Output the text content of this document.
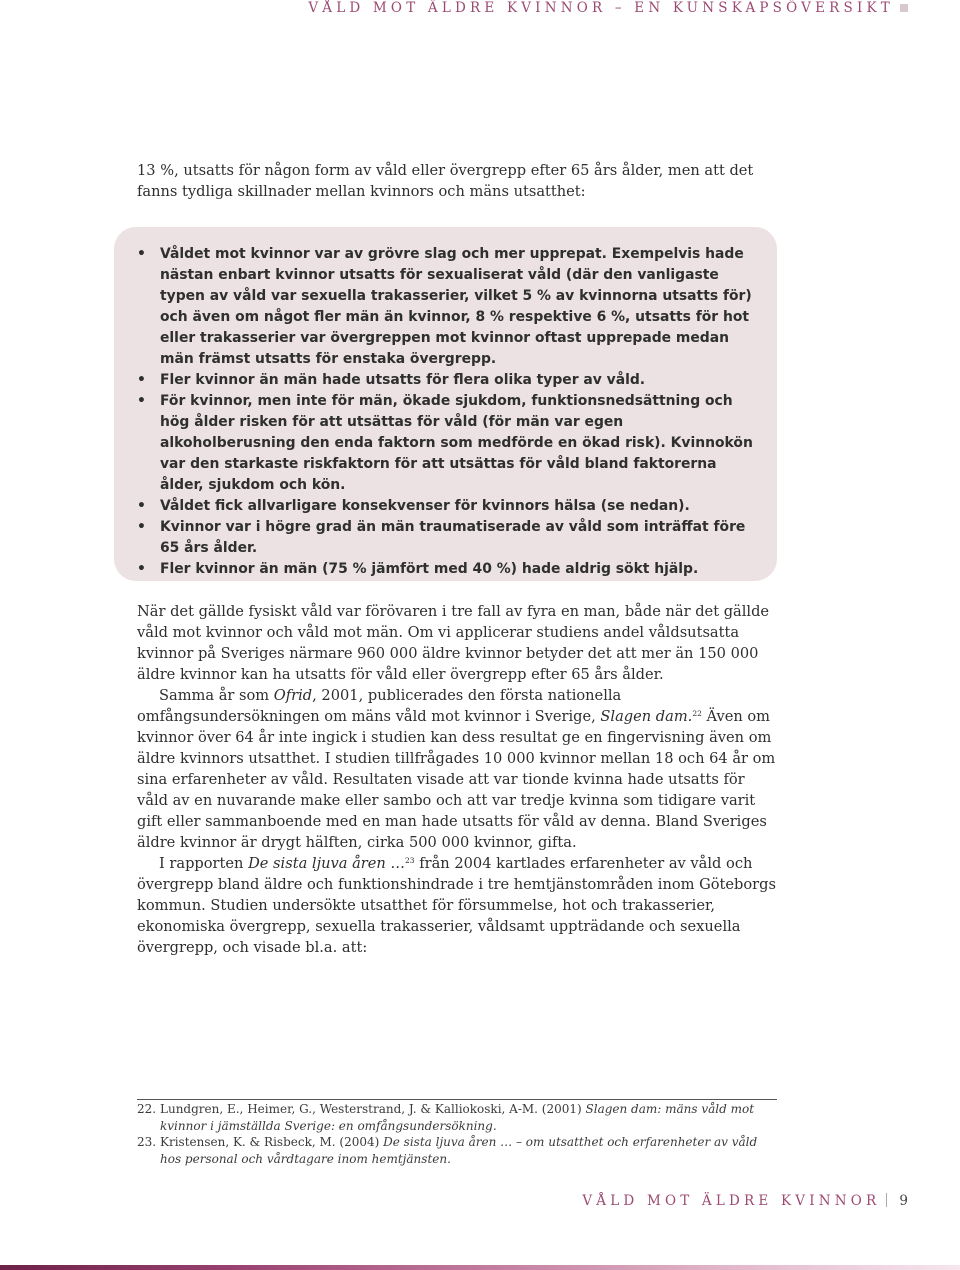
VÅLD MOT ÄLDRE KVINNOR – EN KUNSKAPSÖVERSIKT

13 %, utsatts för någon form av våld eller övergrepp efter 65 års ålder, men att det fanns tydliga skillnader mellan kvinnors och mäns utsatthet:

• Våldet mot kvinnor var av grövre slag och mer upprepat. Exempelvis hade nästan enbart kvinnor utsatts för sexualiserat våld (där den vanligaste typen av våld var sexuella trakasserier, vilket 5 % av kvinnorna utsatts för) och även om något fler män än kvinnor, 8 % respektive 6 %, utsatts för hot eller trakasserier var övergreppen mot kvinnor oftast upprepade medan män främst utsatts för enstaka övergrepp.
• Fler kvinnor än män hade utsatts för flera olika typer av våld.
• För kvinnor, men inte för män, ökade sjukdom, funktionsnedsättning och hög ålder risken för att utsättas för våld (för män var egen alkoholberusning den enda faktorn som medförde en ökad risk). Kvinnokön var den starkaste riskfaktorn för att utsättas för våld bland faktorerna ålder, sjukdom och kön.
• Våldet fick allvarligare konsekvenser för kvinnors hälsa (se nedan).
• Kvinnor var i högre grad än män traumatiserade av våld som inträffat före 65 års ålder.
• Fler kvinnor än män (75 % jämfört med 40 %) hade aldrig sökt hjälp.

När det gällde fysiskt våld var förövaren i tre fall av fyra en man, både när det gällde våld mot kvinnor och våld mot män. Om vi applicerar studiens andel våldsutsatta kvinnor på Sveriges närmare 960 000 äldre kvinnor betyder det att mer än 150 000 äldre kvinnor kan ha utsatts för våld eller övergrepp efter 65 års ålder.

Samma år som Ofrid, 2001, publicerades den första nationella omfångsundersökningen om mäns våld mot kvinnor i Sverige, Slagen dam.$^{22}$ Även om kvinnor över 64 år inte ingick i studien kan dess resultat ge en fingervisning även om äldre kvinnors utsatthet. I studien tillfrågades 10 000 kvinnor mellan 18 och 64 år om sina erfarenheter av våld. Resultaten visade att var tionde kvinna hade utsatts för våld av en nuvarande make eller sambo och att var tredje kvinna som tidigare varit gift eller sammanboende med en man hade utsatts för våld av denna. Bland Sveriges äldre kvinnor är drygt hälften, cirka 500 000 kvinnor, gifta.

I rapporten De sista ljuva åren …$^{23}$ från 2004 kartlades erfarenheter av våld och övergrepp bland äldre och funktionshindrade i tre hemtjänstområden inom Göteborgs kommun. Studien undersökte utsatthet för försummelse, hot och trakasserier, ekonomiska övergrepp, sexuella trakasserier, våldsamt uppträdande och sexuella övergrepp, och visade bl.a. att:

22. Lundgren, E., Heimer, G., Westerstrand, J. & Kalliokoski, A-M. (2001) Slagen dam: mäns våld mot kvinnor i jämställda Sverige: en omfångsundersökning.

23. Kristensen, K. & Risbeck, M. (2004) De sista ljuva åren … – om utsatthet och erfarenheter av våld hos personal och vårdtagare inom hemtjänsten.

VÅLD MOT ÄLDRE KVINNOR 9
